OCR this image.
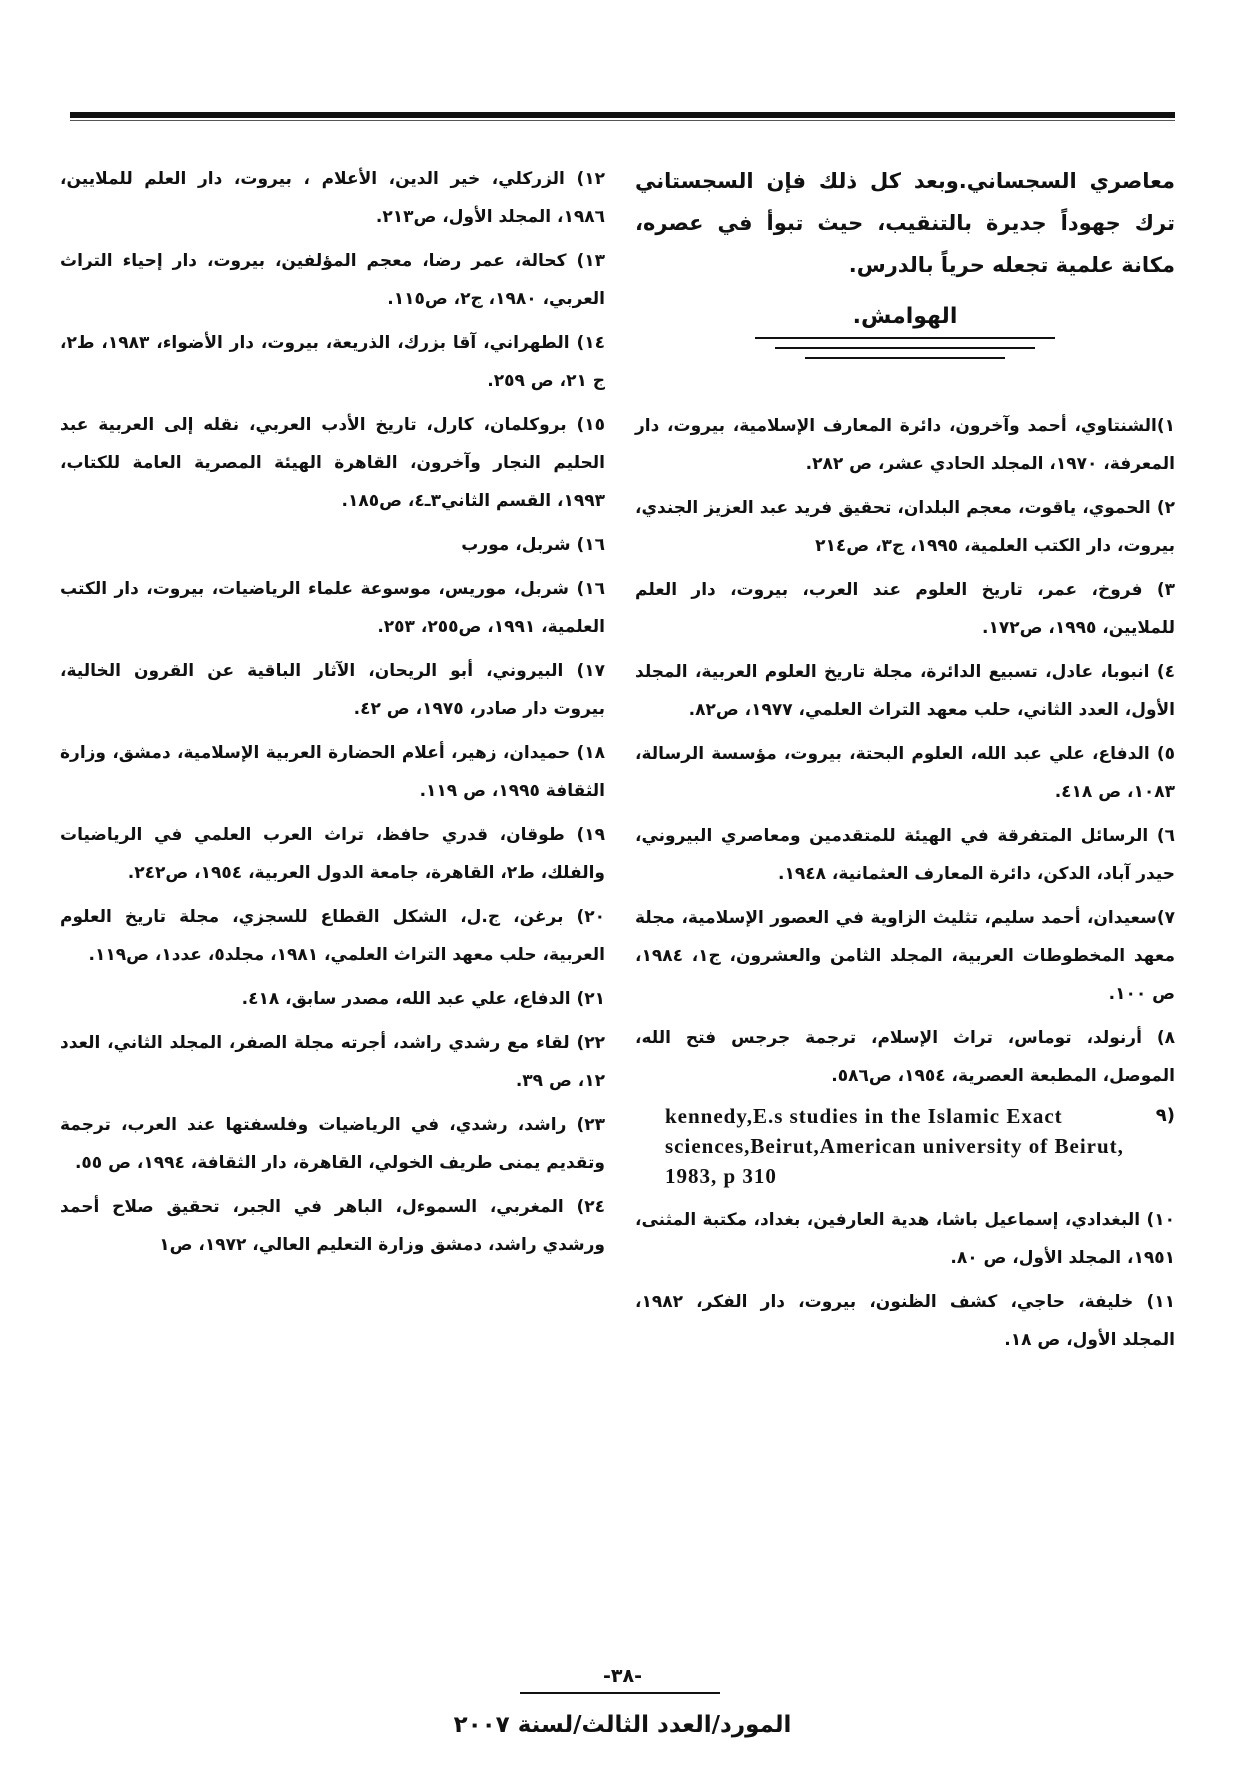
معاصري السجساني.وبعد كل ذلك فإن السجستاني ترك جهوداً جديرة بالتنقيب، حيث تبوأ في عصره، مكانة علمية تجعله حرياً بالدرس.

الهوامش.
١)الشنتاوي، أحمد وآخرون، دائرة المعارف الإسلامية، بيروت، دار المعرفة، ١٩٧٠، المجلد الحادي عشر، ص ٢٨٢.
٢) الحموي، ياقوت، معجم البلدان، تحقيق فريد عبد العزيز الجندي، بيروت، دار الكتب العلمية، ١٩٩٥، ج٣، ص٢١٤
٣) فروخ، عمر، تاريخ العلوم عند العرب، بيروت، دار العلم للملايين، ١٩٩٥، ص١٧٢.
٤) انبوبا، عادل، تسبيع الدائرة، مجلة تاريخ العلوم العربية، المجلد الأول، العدد الثاني، حلب معهد التراث العلمي، ١٩٧٧، ص٨٢.
٥) الدفاع، علي عبد الله، العلوم البحتة، بيروت، مؤسسة الرسالة، ١٠٨٣، ص ٤١٨.
٦) الرسائل المتفرقة في الهيئة للمتقدمين ومعاصري البيروني، حيدر آباد، الدكن، دائرة المعارف العثمانية، ١٩٤٨.
٧)سعيدان، أحمد سليم، تثليث الزاوية في العصور الإسلامية، مجلة معهد المخطوطات العربية، المجلد الثامن والعشرون، ج١، ١٩٨٤، ص ١٠٠.
٨) أرنولد، توماس، تراث الإسلام، ترجمة جرجس فتح الله، الموصل، المطبعة العصرية، ١٩٥٤، ص٥٨٦.
٩)
kennedy,E.s studies in the Islamic Exact sciences,Beirut,American university of Beirut, 1983, p 310
١٠) البغدادي، إسماعيل باشا، هدية العارفين، بغداد، مكتبة المثنى، ١٩٥١، المجلد الأول، ص ٨٠.
١١) خليفة، حاجي، كشف الظنون، بيروت، دار الفكر، ١٩٨٢، المجلد الأول، ص ١٨.
١٢) الزركلي، خير الدين، الأعلام ، بيروت، دار العلم للملايين، ١٩٨٦، المجلد الأول، ص٢١٣.
١٣) كحالة، عمر رضا، معجم المؤلفين، بيروت، دار إحياء التراث العربي، ١٩٨٠، ج٢، ص١١٥.
١٤) الطهراني، آقا بزرك، الذريعة، بيروت، دار الأضواء، ١٩٨٣، ط٢، ج ٢١، ص ٢٥٩.
١٥) بروكلمان، كارل، تاريخ الأدب العربي، نقله إلى العربية عبد الحليم النجار وآخرون، القاهرة الهيئة المصرية العامة للكتاب، ١٩٩٣، القسم الثاني٣ـ٤، ص١٨٥.
١٦) شربل، مورب
١٦) شربل، موريس، موسوعة علماء الرياضيات، بيروت، دار الكتب العلمية، ١٩٩١، ص٢٥٥، ٢٥٣.
١٧) البيروني، أبو الريحان، الآثار الباقية عن القرون الخالية، بيروت دار صادر، ١٩٧٥، ص ٤٢.
١٨) حميدان، زهير، أعلام الحضارة العربية الإسلامية، دمشق، وزارة الثقافة ١٩٩٥، ص ١١٩.
١٩) طوقان، قدري حافظ، تراث العرب العلمي في الرياضيات والفلك، ط٢، القاهرة، جامعة الدول العربية، ١٩٥٤، ص٢٤٢.
٢٠) برغن، ج.ل، الشكل القطاع للسجزي، مجلة تاريخ العلوم العربية، حلب معهد التراث العلمي، ١٩٨١، مجلد٥، عدد١، ص١١٩.
٢١) الدفاع، علي عبد الله، مصدر سابق، ٤١٨.
٢٢) لقاء مع رشدي راشد، أجرته مجلة الصفر، المجلد الثاني، العدد ١٢، ص ٣٩.
٢٣) راشد، رشدي، في الرياضيات وفلسفتها عند العرب، ترجمة وتقديم يمنى طريف الخولي، القاهرة، دار الثقافة، ١٩٩٤، ص ٥٥.
٢٤) المغربي، السموءل، الباهر في الجبر، تحقيق صلاح أحمد ورشدي راشد، دمشق وزارة التعليم العالي، ١٩٧٢، ص١
-٣٨-
المورد/العدد الثالث/لسنة ٢٠٠٧
